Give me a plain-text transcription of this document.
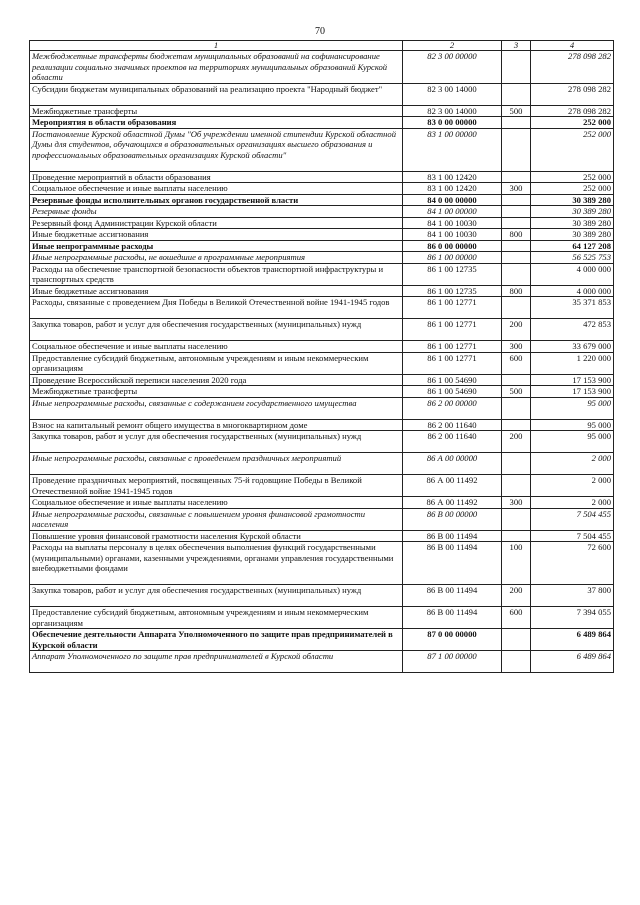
70
1	2	3	4
Межбюджетные трансферты бюджетам муниципальных образований на софинансирование реализации социально значимых проектов на территориях муниципальных образований Курской области	82 3 00 00000		278 098 282
Субсидии бюджетам муниципальных образований на реализацию проекта "Народный бюджет"	82 3 00 14000		278 098 282
Межбюджетные трансферты	82 3 00 14000	500	278 098 282
Мероприятия в области образования	83 0 00 00000		252 000
Постановление Курской областной Думы "Об учреждении именной стипендии Курской областной Думы для студентов, обучающихся в образовательных организациях высшего образования и профессиональных образовательных организациях Курской области"	83 1 00 00000		252 000
Проведение мероприятий в области образования	83 1 00 12420		252 000
Социальное обеспечение и иные выплаты населению	83 1 00 12420	300	252 000
Резервные фонды исполнительных органов государственной власти	84 0 00 00000		30 389 280
Резервные фонды	84 1 00 00000		30 389 280
Резервный фонд Администрации Курской области	84 1 00 10030		30 389 280
Иные бюджетные ассигнования	84 1 00 10030	800	30 389 280
Иные непрограммные расходы	86 0 00 00000		64 127 208
Иные непрограммные расходы, не вошедшие в программные мероприятия	86 1 00 00000		56 525 753
Расходы на обеспечение транспортной безопасности объектов транспортной инфраструктуры и транспортных средств	86 1 00 12735		4 000 000
Иные бюджетные ассигнования	86 1 00 12735	800	4 000 000
Расходы, связанные с проведением Дня Победы в Великой Отечественной войне 1941-1945 годов	86 1 00 12771		35 371 853
Закупка товаров, работ и услуг для обеспечения государственных (муниципальных) нужд	86 1 00 12771	200	472 853
Социальное обеспечение и иные выплаты населению	86 1 00 12771	300	33 679 000
Предоставление субсидий бюджетным, автономным учреждениям и иным некоммерческим организациям	86 1 00 12771	600	1 220 000
Проведение Всероссийской переписи населения 2020 года	86 1 00 54690		17 153 900
Межбюджетные трансферты	86 1 00 54690	500	17 153 900
Иные непрограммные расходы, связанные с содержанием государственного имущества	86 2 00 00000		95 000
Взнос на капитальный ремонт общего имущества в многоквартирном доме	86 2 00 11640		95 000
Закупка товаров, работ и услуг для обеспечения государственных (муниципальных) нужд	86 2 00 11640	200	95 000
Иные непрограммные расходы, связанные с проведением праздничных мероприятий	86 А 00 00000		2 000
Проведение праздничных мероприятий, посвященных 75-й годовщине Победы в Великой Отечественной войне 1941-1945 годов	86 А 00 11492		2 000
Социальное обеспечение и иные выплаты населению	86 А 00 11492	300	2 000
Иные непрограммные расходы, связанные с повышением уровня финансовой грамотности населения	86 В 00 00000		7 504 455
Повышение уровня финансовой грамотности населения Курской области	86 В 00 11494		7 504 455
Расходы на выплаты персоналу в целях обеспечения выполнения функций государственными (муниципальными) органами, казенными учреждениями, органами управления государственными внебюджетными фондами	86 В 00 11494	100	72 600
Закупка товаров, работ и услуг для обеспечения государственных (муниципальных) нужд	86 В 00 11494	200	37 800
Предоставление субсидий бюджетным, автономным учреждениям и иным некоммерческим организациям	86 В 00 11494	600	7 394 055
Обеспечение деятельности Аппарата Уполномоченного по защите прав предпринимателей в Курской области	87 0 00 00000		6 489 864
Аппарат Уполномоченного по защите прав предпринимателей в Курской области	87 1 00 00000		6 489 864
